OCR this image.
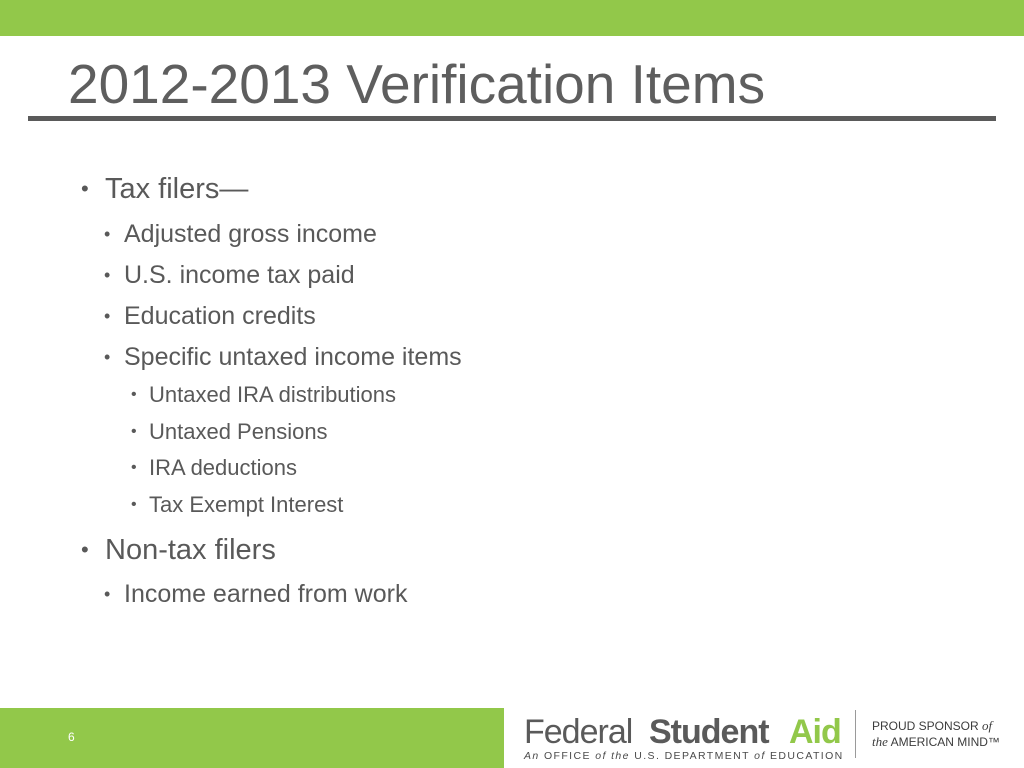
2012-2013 Verification Items
• Tax filers—
• Adjusted gross income
• U.S. income tax paid
• Education credits
• Specific untaxed income items
• Untaxed IRA distributions
• Untaxed Pensions
• IRA deductions
• Tax Exempt Interest
• Non-tax filers
• Income earned from work
6	Federal Student Aid
An OFFICE of the U.S. DEPARTMENT of EDUCATION
PROUD SPONSOR of
the AMERICAN MIND™
